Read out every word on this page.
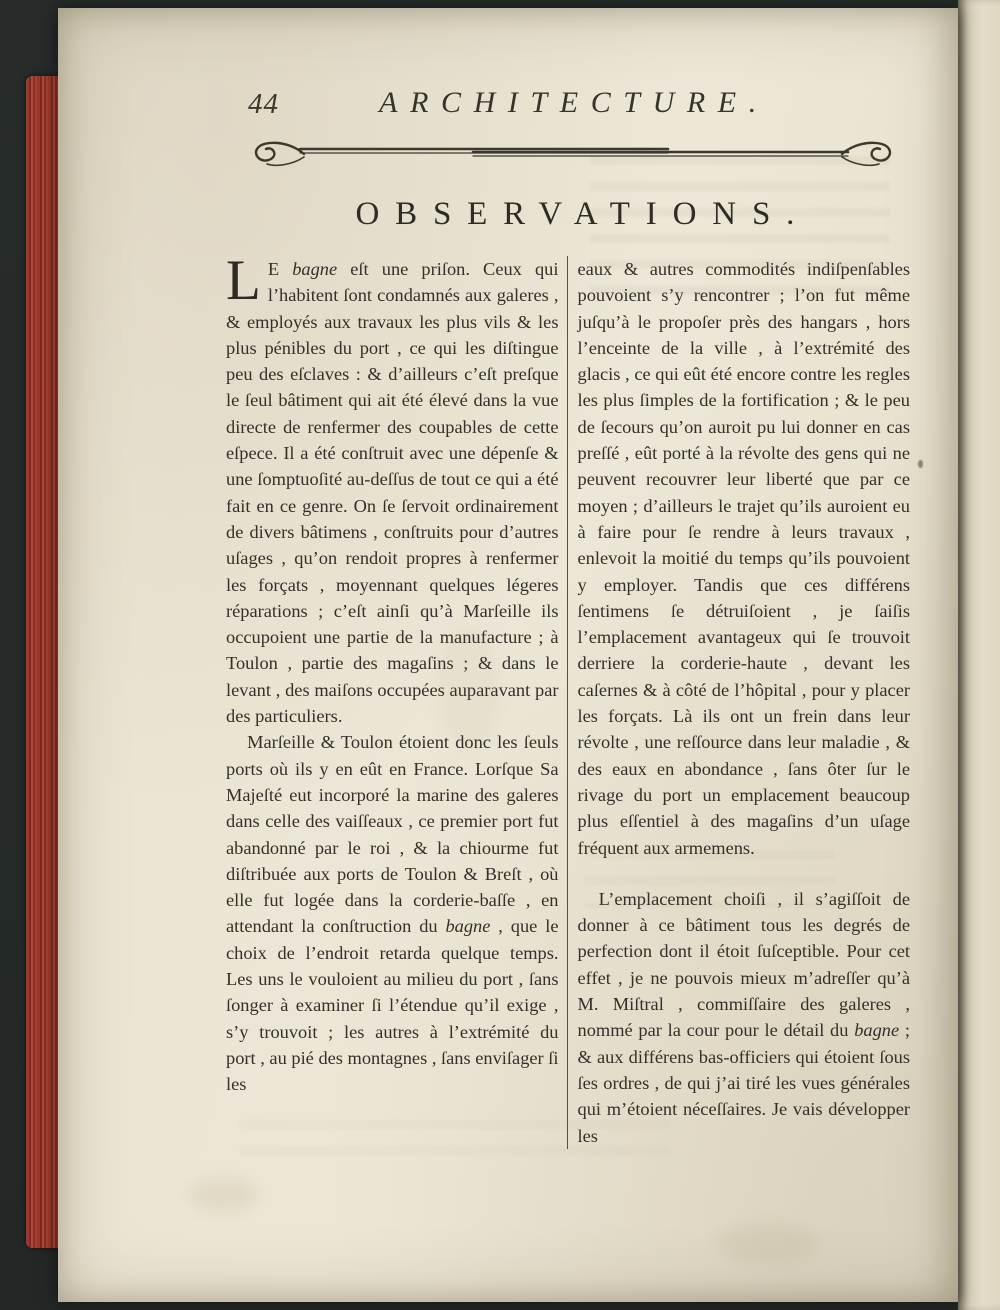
44	ARCHITECTURE.
OBSERVATIONS.

L E bagne eſt une priſon. Ceux qui l’habitent ſont condamnés aux galeres , & employés aux travaux les plus vils & les plus pénibles du port , ce qui les diſtingue peu des eſclaves : & d’ailleurs c’eſt preſque le ſeul bâtiment qui ait été élevé dans la vue directe de renfermer des coupables de cette eſpece. Il a été conſtruit avec une dépenſe & une ſomptuoſité au-deſſus de tout ce qui a été fait en ce genre. On ſe ſervoit ordinairement de divers bâtimens , conſtruits pour d’autres uſages , qu’on rendoit propres à renfermer les forçats , moyennant quelques légeres réparations ; c’eſt ainſi qu’à Marſeille ils occupoient une partie de la manufacture ; à Toulon , partie des magaſins ; & dans le levant , des maiſons occupées auparavant par des particuliers.

Marſeille & Toulon étoient donc les ſeuls ports où ils y en eût en France. Lorſque Sa Majeſté eut incorporé la marine des galeres dans celle des vaiſſeaux , ce premier port fut abandonné par le roi , & la chiourme fut diſtribuée aux ports de Toulon & Breſt , où elle fut logée dans la corderie-baſſe , en attendant la conſtruction du bagne , que le choix de l’endroit retarda quelque temps. Les uns le vouloient au milieu du port , ſans ſonger à examiner ſi l’étendue qu’il exige , s’y trouvoit ; les autres à l’extrémité du port , au pié des montagnes , ſans enviſager ſi les

eaux & autres commodités indiſpenſables pouvoient s’y rencontrer ; l’on fut même juſqu’à le propoſer près des hangars , hors l’enceinte de la ville , à l’extrémité des glacis , ce qui eût été encore contre les regles les plus ſimples de la fortification ; & le peu de ſecours qu’on auroit pu lui donner en cas preſſé , eût porté à la révolte des gens qui ne peuvent recouvrer leur liberté que par ce moyen ; d’ailleurs le trajet qu’ils auroient eu à faire pour ſe rendre à leurs travaux , enlevoit la moitié du temps qu’ils pouvoient y employer. Tandis que ces différens ſentimens ſe détruiſoient , je ſaiſis l’emplacement avantageux qui ſe trouvoit derriere la corderie-haute , devant les caſernes & à côté de l’hôpital , pour y placer les forçats. Là ils ont un frein dans leur révolte , une reſſource dans leur maladie , & des eaux en abondance , ſans ôter ſur le rivage du port un emplacement beaucoup plus eſſentiel à des magaſins d’un uſage fréquent aux armemens.

L’emplacement choiſi , il s’agiſſoit de donner à ce bâtiment tous les degrés de perfection dont il étoit ſuſceptible. Pour cet effet , je ne pouvois mieux m’adreſſer qu’à M. Miſtral , commiſſaire des galeres , nommé par la cour pour le détail du bagne ; & aux différens bas-officiers qui étoient ſous ſes ordres , de qui j’ai tiré les vues générales qui m’étoient néceſſaires. Je vais développer les
